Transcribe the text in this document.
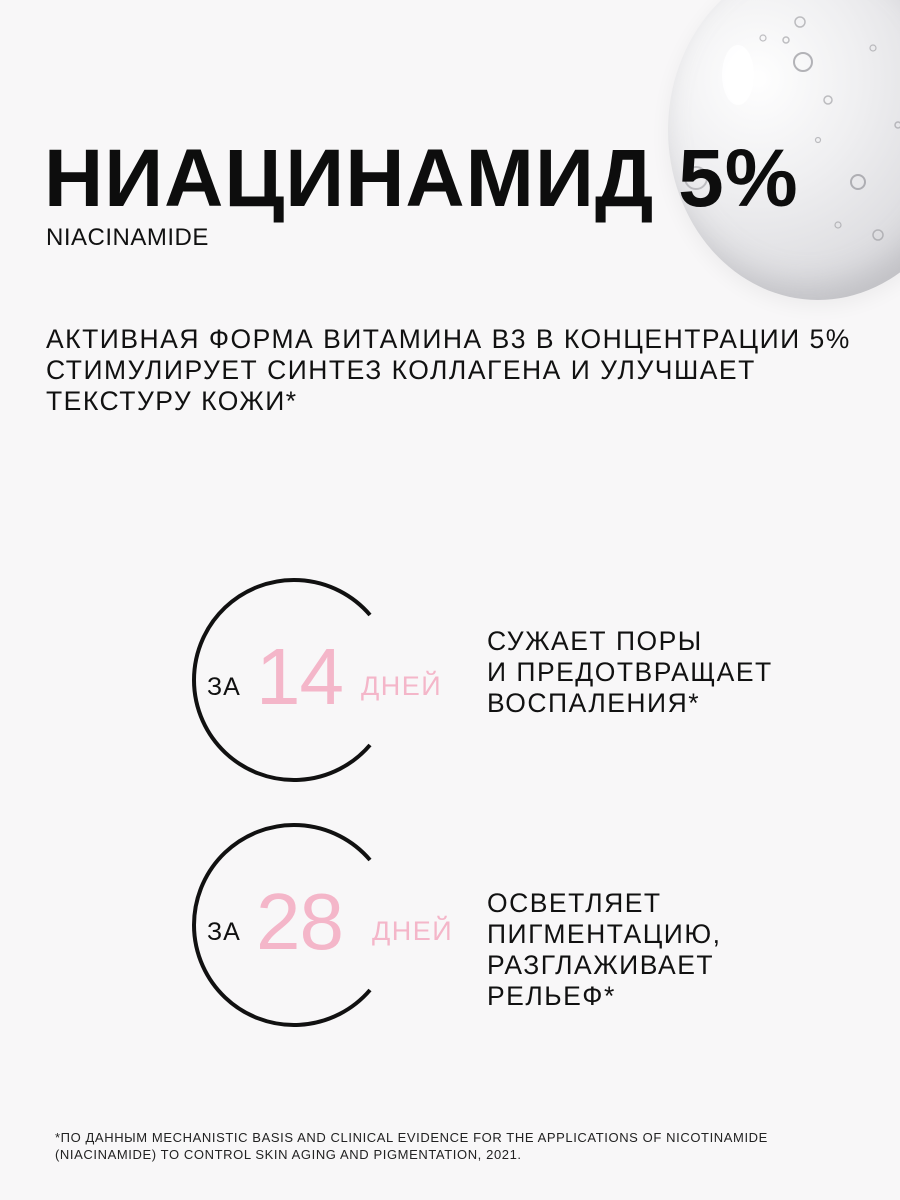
НИАЦИНАМИД 5%
NIACINAMIDE
АКТИВНАЯ ФОРМА ВИТАМИНА B3 В КОНЦЕНТРАЦИИ 5% СТИМУЛИРУЕТ СИНТЕЗ КОЛЛАГЕНА И УЛУЧШАЕТ ТЕКСТУРУ КОЖИ*
ЗА 14 ДНЕЙ
СУЖАЕТ ПОРЫ
И ПРЕДОТВРАЩАЕТ
ВОСПАЛЕНИЯ*
ЗА 28 ДНЕЙ
ОСВЕТЛЯЕТ
ПИГМЕНТАЦИЮ,
РАЗГЛАЖИВАЕТ
РЕЛЬЕФ*
*ПО ДАННЫМ MECHANISTIC BASIS AND CLINICAL EVIDENCE FOR THE APPLICATIONS OF NICOTINAMIDE (NIACINAMIDE) TO CONTROL SKIN AGING AND PIGMENTATION, 2021.
